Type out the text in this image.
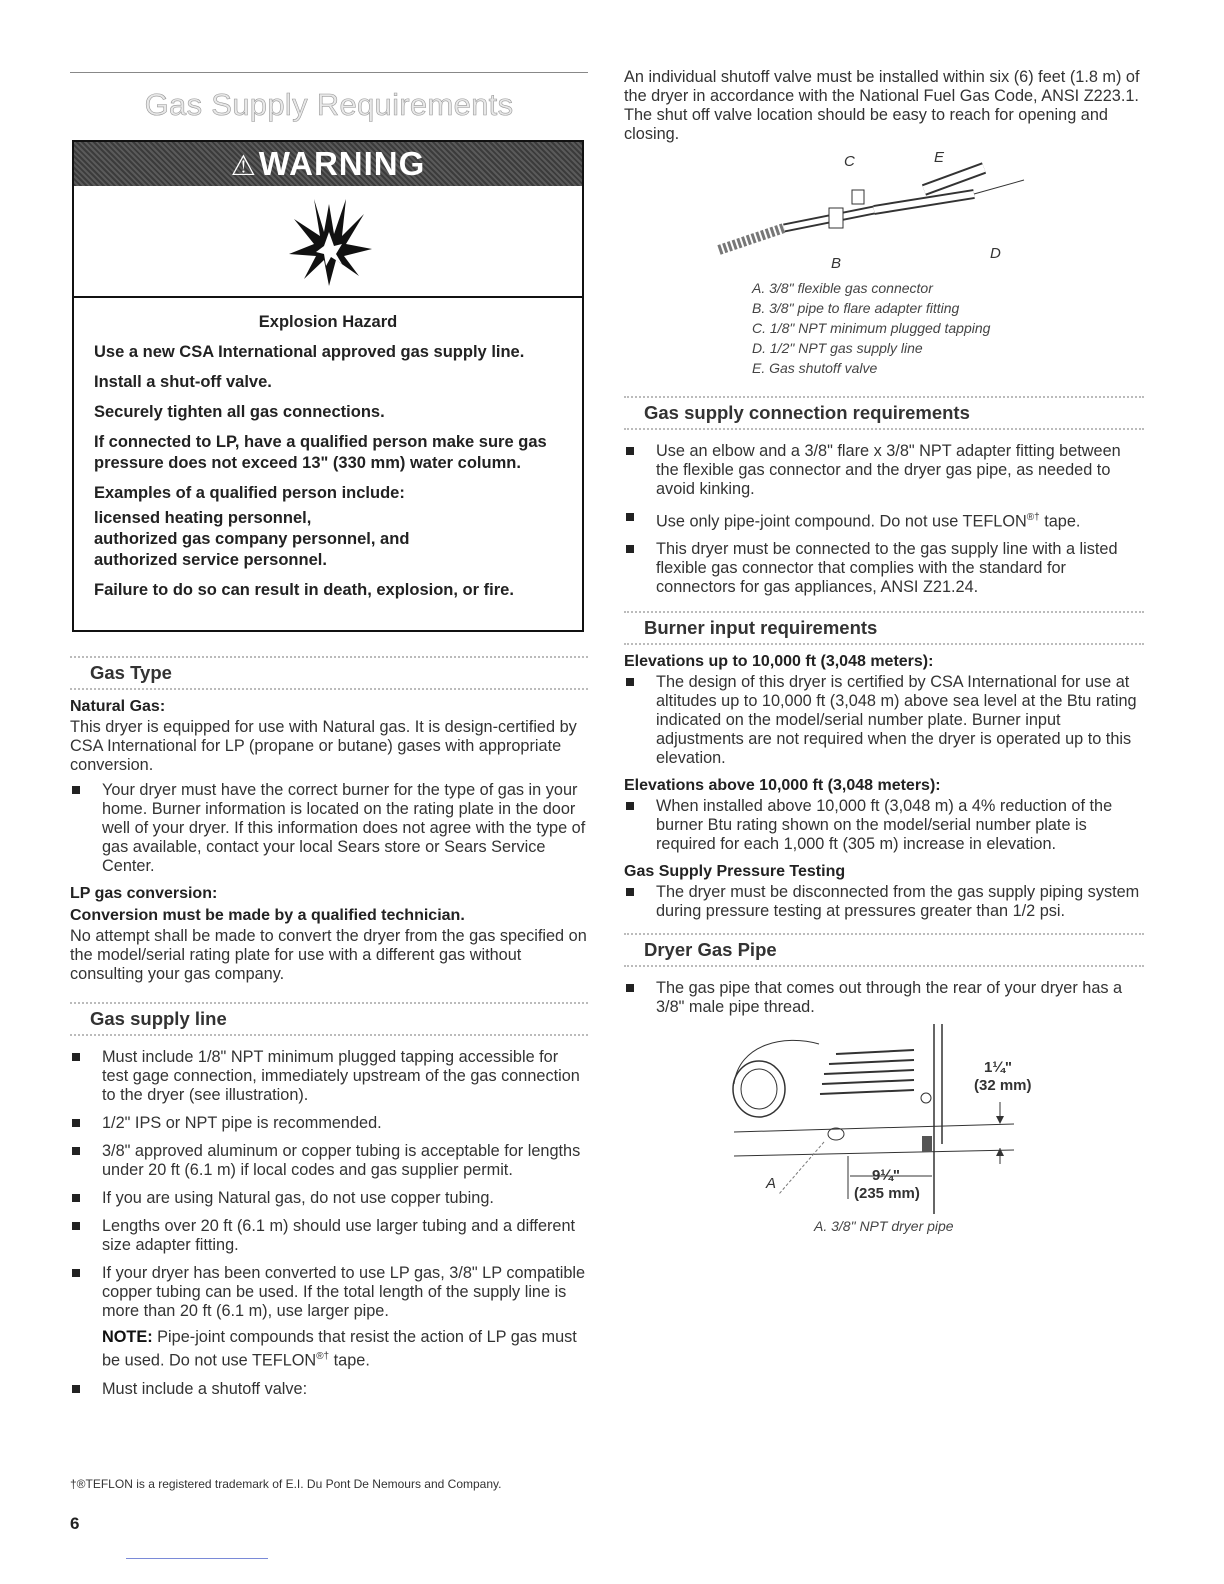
Gas Supply Requirements
⚠WARNING

Explosion Hazard

Use a new CSA International approved gas supply line.

Install a shut-off valve.

Securely tighten all gas connections.

If connected to LP, have a qualified person make sure gas pressure does not exceed 13" (330 mm) water column.

Examples of a qualified person include:

licensed heating personnel,
authorized gas company personnel, and
authorized service personnel.

Failure to do so can result in death, explosion, or fire.

Gas Type
Natural Gas:

This dryer is equipped for use with Natural gas. It is design-certified by CSA International for LP (propane or butane) gases with appropriate conversion.

Your dryer must have the correct burner for the type of gas in your home. Burner information is located on the rating plate in the door well of your dryer. If this information does not agree with the type of gas available, contact your local Sears store or Sears Service Center.
LP gas conversion:
Conversion must be made by a qualified technician.

No attempt shall be made to convert the dryer from the gas specified on the model/serial rating plate for use with a different gas without consulting your gas company.

Gas supply line
Must include 1/8" NPT minimum plugged tapping accessible for test gage connection, immediately upstream of the gas connection to the dryer (see illustration).
1/2" IPS or NPT pipe is recommended.
3/8" approved aluminum or copper tubing is acceptable for lengths under 20 ft (6.1 m) if local codes and gas supplier permit.
If you are using Natural gas, do not use copper tubing.
Lengths over 20 ft (6.1 m) should use larger tubing and a different size adapter fitting.
If your dryer has been converted to use LP gas, 3/8" LP compatible copper tubing can be used. If the total length of the supply line is more than 20 ft (6.1 m), use larger pipe.
NOTE: Pipe-joint compounds that resist the action of LP gas must be used. Do not use TEFLON®† tape.
Must include a shutoff valve:

An individual shutoff valve must be installed within six (6) feet (1.8 m) of the dryer in accordance with the National Fuel Gas Code, ANSI Z223.1. The shut off valve location should be easy to reach for opening and closing.

B
C
D
E
A. 3/8" flexible gas connector
B. 3/8" pipe to flare adapter fitting
C. 1/8" NPT minimum plugged tapping
D. 1/2" NPT gas supply line
E. Gas shutoff valve
Gas supply connection requirements
Use an elbow and a 3/8" flare x 3/8" NPT adapter fitting between the flexible gas connector and the dryer gas pipe, as needed to avoid kinking.
Use only pipe-joint compound. Do not use TEFLON®† tape.
This dryer must be connected to the gas supply line with a listed flexible gas connector that complies with the standard for connectors for gas appliances, ANSI Z21.24.
Burner input requirements
Elevations up to 10,000 ft (3,048 meters):
The design of this dryer is certified by CSA International for use at altitudes up to 10,000 ft (3,048 m) above sea level at the Btu rating indicated on the model/serial number plate. Burner input adjustments are not required when the dryer is operated up to this elevation.
Elevations above 10,000 ft (3,048 meters):
When installed above 10,000 ft (3,048 m) a 4% reduction of the burner Btu rating shown on the model/serial number plate is required for each 1,000 ft (305 m) increase in elevation.
Gas Supply Pressure Testing
The dryer must be disconnected from the gas supply piping system during pressure testing at pressures greater than 1/2 psi.
Dryer Gas Pipe
The gas pipe that comes out through the rear of your dryer has a 3/8" male pipe thread.
1¼"
(32 mm)
9¼"
(235 mm)
A
A. 3/8" NPT dryer pipe
†®TEFLON is a registered trademark of E.I. Du Pont De Nemours and Company.
6
